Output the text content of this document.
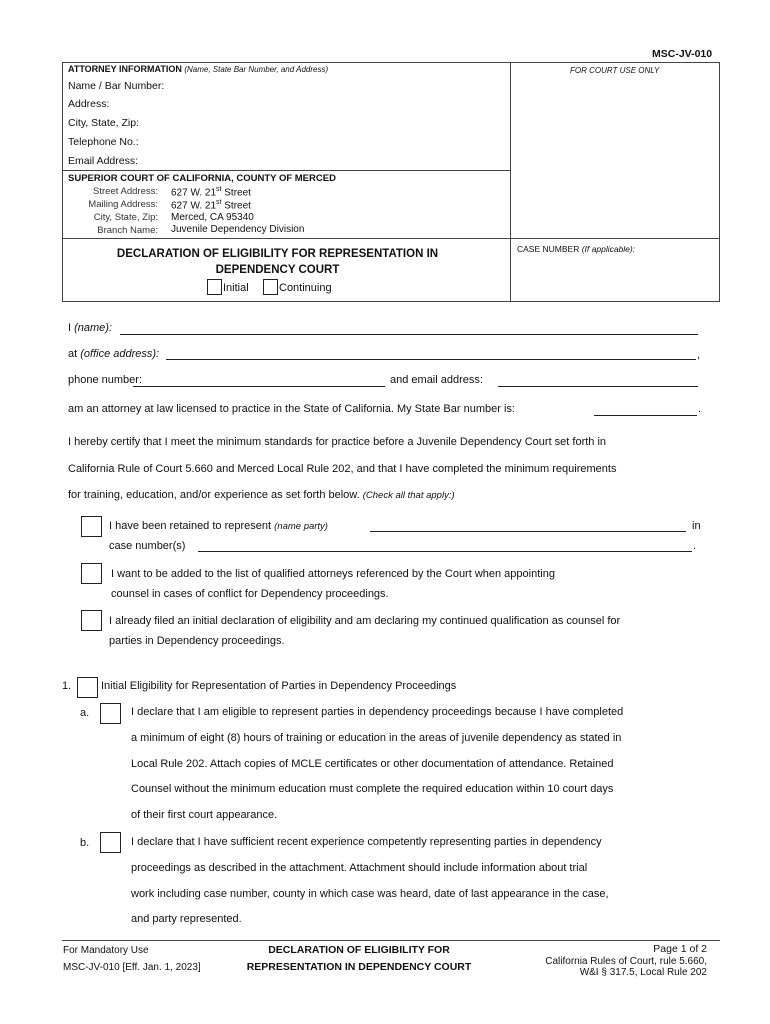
MSC-JV-010
ATTORNEY INFORMATION (Name, State Bar Number, and Address)
Name / Bar Number:
Address:
City, State, Zip:
Telephone No.:
Email Address:
FOR COURT USE ONLY
SUPERIOR COURT OF CALIFORNIA, COUNTY OF MERCED
Street Address: 627 W. 21st Street
Mailing Address: 627 W. 21st Street
City, State, Zip: Merced, CA 95340
Branch Name: Juvenile Dependency Division
DECLARATION OF ELIGIBILITY FOR REPRESENTATION IN DEPENDENCY COURT
Initial	Continuing
CASE NUMBER (If applicable):
I (name):
at (office address):	,
phone number:	and email address:
am an attorney at law licensed to practice in the State of California. My State Bar number is:	.
I hereby certify that I meet the minimum standards for practice before a Juvenile Dependency Court set forth in
California Rule of Court 5.660 and Merced Local Rule 202, and that I have completed the minimum requirements
for training, education, and/or experience as set forth below. (Check all that apply:)
I have been retained to represent (name party)	in
case number(s)	.
I want to be added to the list of qualified attorneys referenced by the Court when appointing
counsel in cases of conflict for Dependency proceedings.
I already filed an initial declaration of eligibility and am declaring my continued qualification as counsel for
parties in Dependency proceedings.
1.	Initial Eligibility for Representation of Parties in Dependency Proceedings
a.	I declare that I am eligible to represent parties in dependency proceedings because I have completed
a minimum of eight (8) hours of training or education in the areas of juvenile dependency as stated in
Local Rule 202. Attach copies of MCLE certificates or other documentation of attendance. Retained
Counsel without the minimum education must complete the required education within 10 court days
of their first court appearance.
b.	I declare that I have sufficient recent experience competently representing parties in dependency
proceedings as described in the attachment. Attachment should include information about trial
work including case number, county in which case was heard, date of last appearance in the case,
and party represented.
For Mandatory Use
MSC-JV-010 [Eff. Jan. 1, 2023]
DECLARATION OF ELIGIBILITY FOR
REPRESENTATION IN DEPENDENCY COURT
Page 1 of 2
California Rules of Court, rule 5.660,
W&I § 317.5, Local Rule 202
